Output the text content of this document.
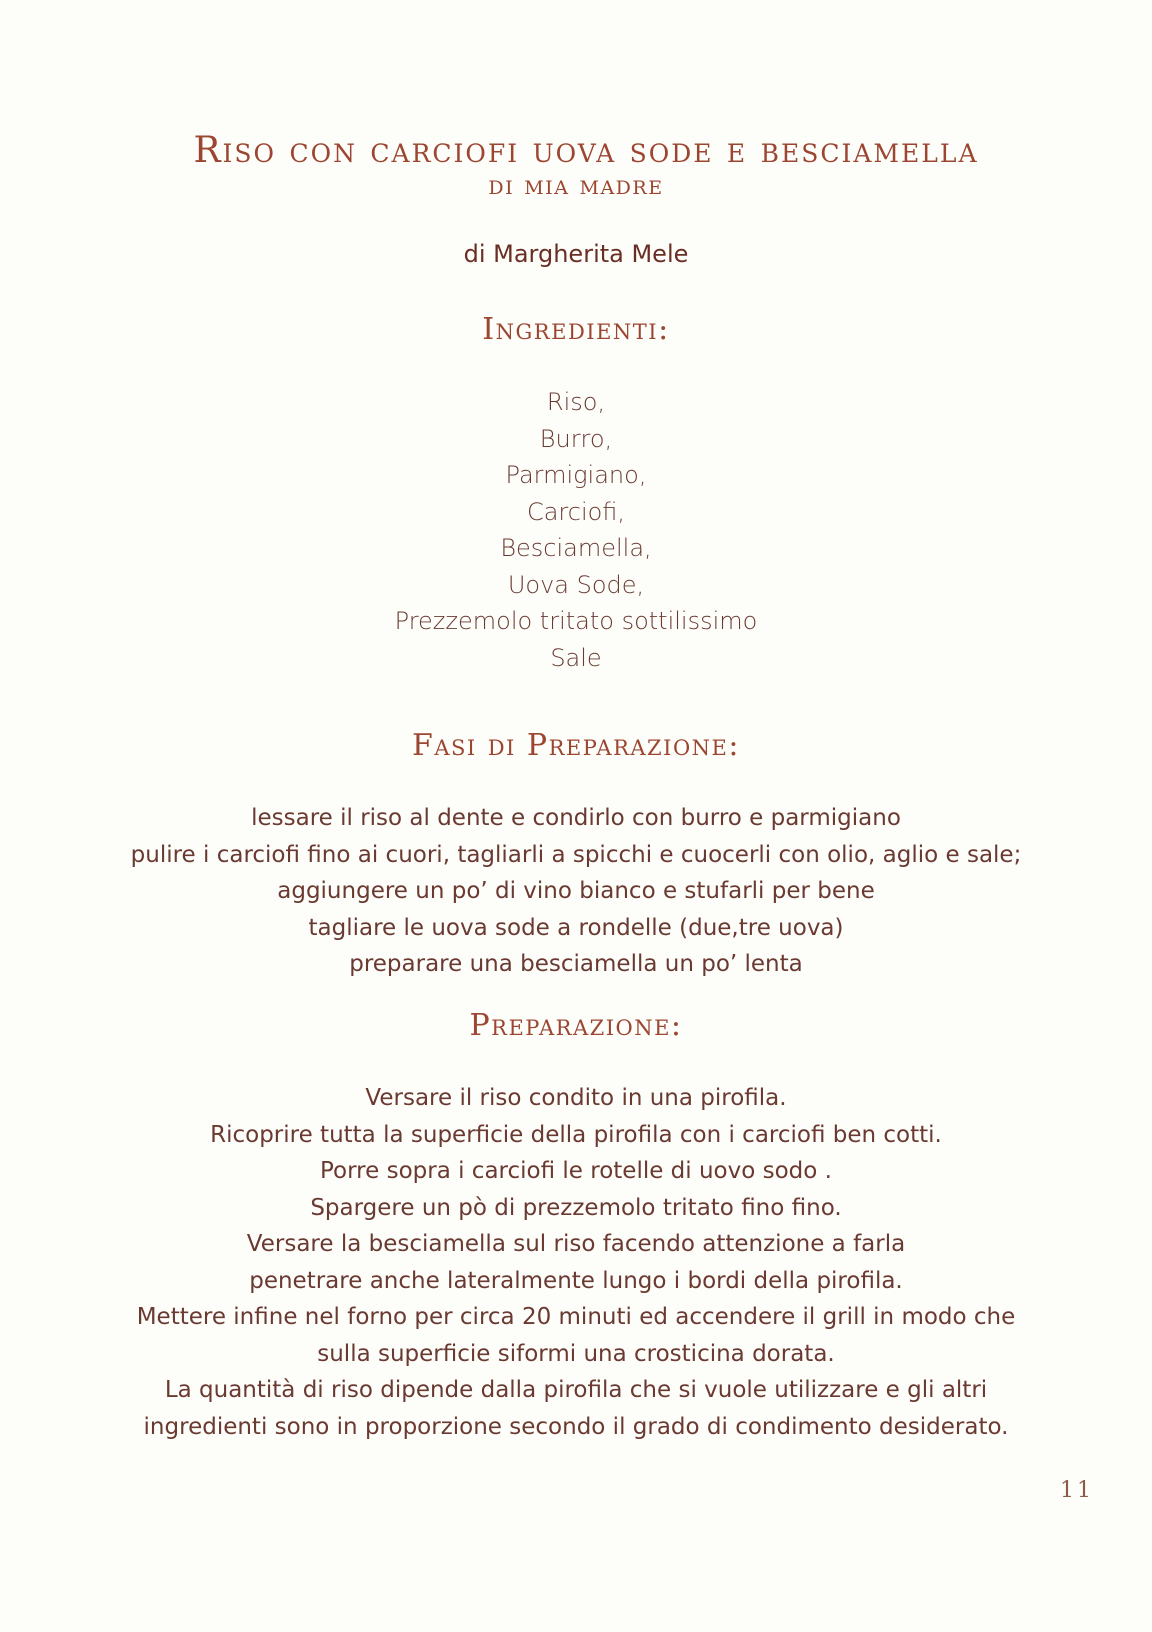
Riso con carciofi uova sode e besciamella
di mia madre
di Margherita Mele
Ingredienti:
Riso,
Burro,
Parmigiano,
Carciofi,
Besciamella,
Uova Sode,
Prezzemolo tritato sottilissimo
Sale
Fasi di Preparazione:
lessare il riso al dente e condirlo con burro e parmigiano
pulire i carciofi fino ai cuori, tagliarli a spicchi e cuocerli con olio, aglio e sale;
aggiungere un po’ di vino bianco e stufarli per bene
tagliare le uova sode a rondelle (due,tre uova)
preparare una besciamella un po’ lenta
Preparazione:
Versare il riso condito in una pirofila.
Ricoprire tutta la superficie della pirofila con i carciofi ben cotti.
Porre sopra i carciofi le rotelle di uovo sodo .
Spargere un pò di prezzemolo tritato fino fino.
Versare la besciamella sul riso facendo attenzione a farla
penetrare anche lateralmente lungo i bordi della pirofila.
Mettere infine nel forno per circa 20 minuti ed accendere il grill in modo che
sulla superficie siformi una crosticina dorata.
La quantità di riso dipende dalla pirofila che si vuole utilizzare e gli altri
ingredienti sono in proporzione secondo il grado di condimento desiderato.
11
